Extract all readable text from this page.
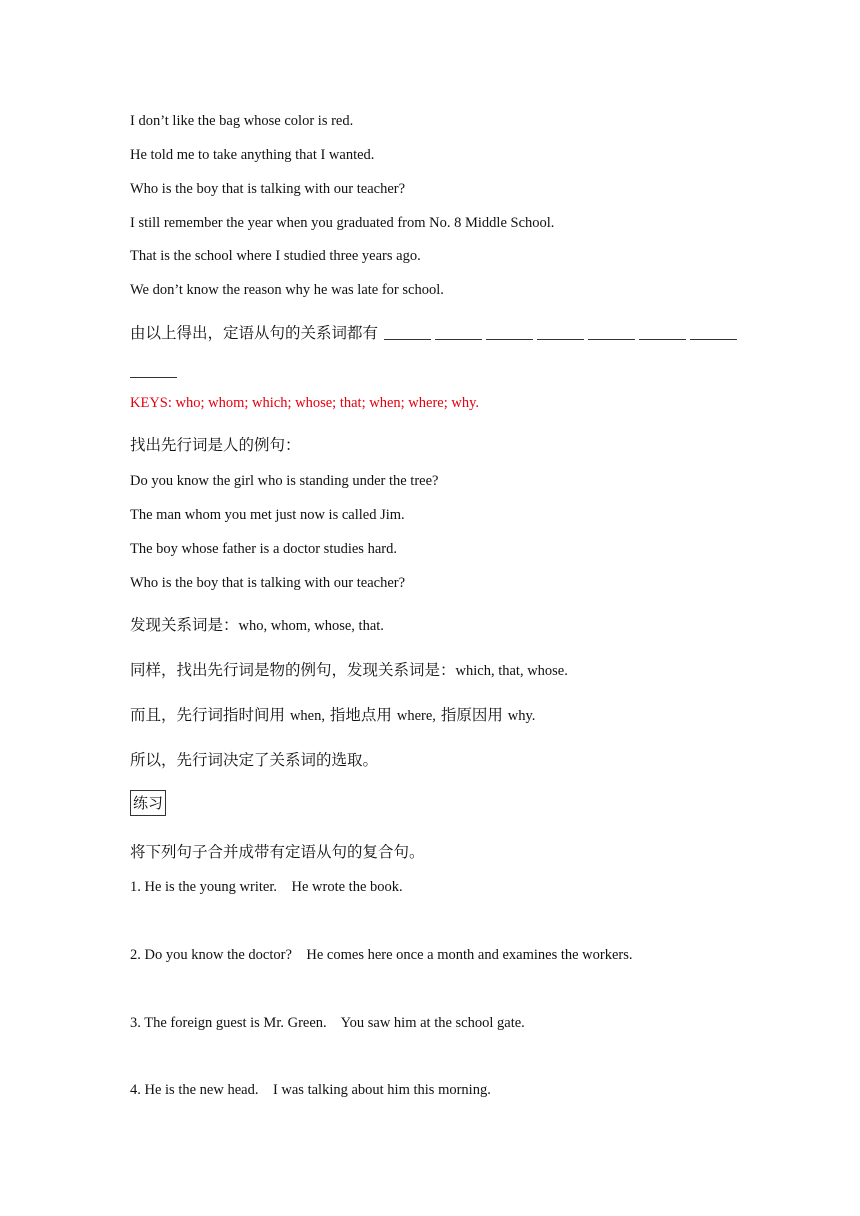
I don’t like the bag whose color is red.
He told me to take anything that I wanted.
Who is the boy that is talking with our teacher?
I still remember the year when you graduated from No. 8 Middle School.
That is the school where I studied three years ago.
We don’t know the reason why he was late for school.
由以上得出，定语从句的关系词都有
KEYS: who; whom; which; whose; that; when; where; why.
找出先行词是人的例句：
Do you know the girl who is standing under the tree?
The man whom you met just now is called Jim.
The boy whose father is a doctor studies hard.
Who is the boy that is talking with our teacher?
发现关系词是：who, whom, whose, that.
同样，找出先行词是物的例句，发现关系词是：which, that, whose.
而且，先行词指时间用 when, 指地点用 where, 指原因用 why.
所以，先行词决定了关系词的选取。
练习
将下列句子合并成带有定语从句的复合句。
1. He is the young writer.    He wrote the book.
2. Do you know the doctor?    He comes here once a month and examines the workers.
3. The foreign guest is Mr. Green.    You saw him at the school gate.
4. He is the new head.    I was talking about him this morning.
